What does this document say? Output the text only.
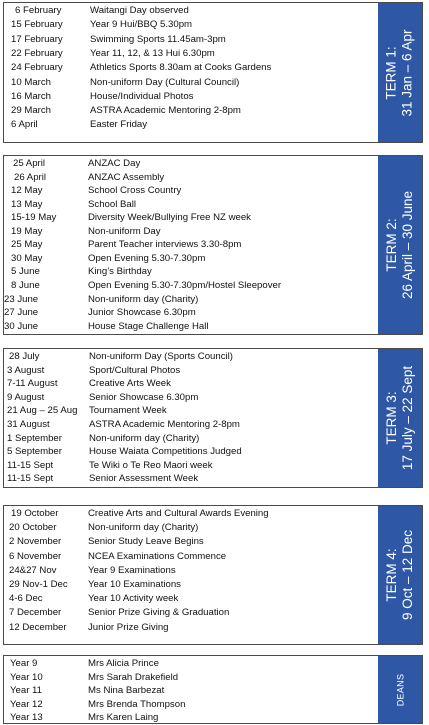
6 February	Waitangi Day observed
15 February	Year 9 Hui/BBQ 5.30pm
17 February	Swimming Sports 11.45am-3pm
22 February	Year 11, 12, & 13 Hui 6.30pm
24 February	Athletics Sports 8.30am at Cooks Gardens
10 March	Non-uniform Day (Cultural Council)
16 March	House/Individual Photos
29 March	ASTRA Academic Mentoring 2-8pm
6 April	Easter Friday
TERM 1: 31 Jan – 6 Apr
25 April	ANZAC Day
26 April	ANZAC Assembly
12 May	School Cross Country
13 May	School Ball
15-19 May	Diversity Week/Bullying Free NZ week
19 May	Non-uniform Day
25 May	Parent Teacher interviews 3.30-8pm
30 May	Open Evening 5.30-7.30pm
5 June	King’s Birthday
8 June	Open Evening 5.30-7.30pm/Hostel Sleepover
23 June	Non-uniform day (Charity)
27 June	Junior Showcase 6.30pm
30 June	House Stage Challenge Hall
TERM 2: 26 April – 30 June
28 July	Non-uniform Day (Sports Council)
3 August	Sport/Cultural Photos
7-11 August	Creative Arts Week
9 August	Senior Showcase 6.30pm
21 Aug – 25 Aug Tournament Week
31 August	ASTRA Academic Mentoring 2-8pm
1 September	Non-uniform day (Charity)
5 September	House Waiata Competitions Judged
11-15 Sept	Te Wiki o Te Reo Maori week
11-15 Sept	Senior Assessment Week
TERM 3: 17 July – 22 Sept
19 October	Creative Arts and Cultural Awards Evening
20 October	Non-uniform day (Charity)
2 November	Senior Study Leave Begins
6 November	NCEA Examinations Commence
24&27 Nov	Year 9 Examinations
29 Nov-1 Dec Year 10 Examinations
4-6 Dec	Year 10 Activity week
7 December	Senior Prize Giving & Graduation
12 December Junior Prize Giving
TERM 4: 9 Oct – 12 Dec
Year 9	Mrs Alicia Prince
Year 10	Mrs Sarah Drakefield
Year 11	Ms Nina Barbezat
Year 12	Mrs Brenda Thompson
Year 13	Mrs Karen Laing
DEANS
